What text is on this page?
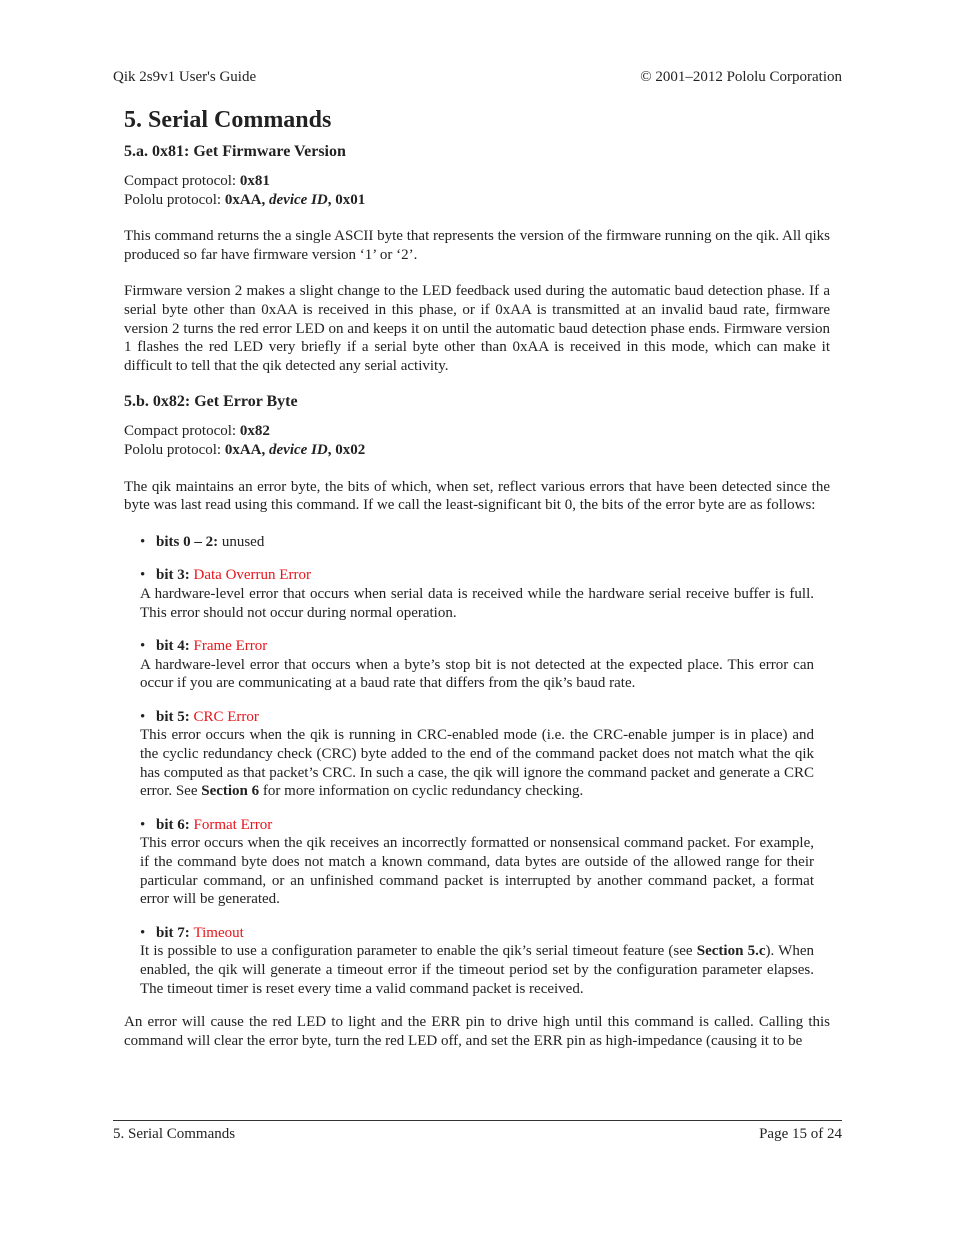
Qik 2s9v1 User's Guide	© 2001–2012 Pololu Corporation
5. Serial Commands
5.a. 0x81: Get Firmware Version

Compact protocol: 0x81

Pololu protocol: 0xAA, device ID, 0x01

This command returns the a single ASCII byte that represents the version of the firmware running on the qik. All qiks produced so far have firmware version ‘1’ or ‘2’.

Firmware version 2 makes a slight change to the LED feedback used during the automatic baud detection phase. If a serial byte other than 0xAA is received in this phase, or if 0xAA is transmitted at an invalid baud rate, firmware version 2 turns the red error LED on and keeps it on until the automatic baud detection phase ends. Firmware version 1 flashes the red LED very briefly if a serial byte other than 0xAA is received in this mode, which can make it difficult to tell that the qik detected any serial activity.

5.b. 0x82: Get Error Byte

Compact protocol: 0x82

Pololu protocol: 0xAA, device ID, 0x02

The qik maintains an error byte, the bits of which, when set, reflect various errors that have been detected since the byte was last read using this command. If we call the least-significant bit 0, the bits of the error byte are as follows:

• bits 0 – 2: unused
• bit 3: Data Overrun Error
A hardware-level error that occurs when serial data is received while the hardware serial receive buffer is full. This error should not occur during normal operation.
• bit 4: Frame Error
A hardware-level error that occurs when a byte’s stop bit is not detected at the expected place. This error can occur if you are communicating at a baud rate that differs from the qik’s baud rate.
• bit 5: CRC Error
This error occurs when the qik is running in CRC-enabled mode (i.e. the CRC-enable jumper is in place) and the cyclic redundancy check (CRC) byte added to the end of the command packet does not match what the qik has computed as that packet’s CRC. In such a case, the qik will ignore the command packet and generate a CRC error. See Section 6 for more information on cyclic redundancy checking.
• bit 6: Format Error
This error occurs when the qik receives an incorrectly formatted or nonsensical command packet. For example, if the command byte does not match a known command, data bytes are outside of the allowed range for their particular command, or an unfinished command packet is interrupted by another command packet, a format error will be generated.
• bit 7: Timeout
It is possible to use a configuration parameter to enable the qik’s serial timeout feature (see Section 5.c). When enabled, the qik will generate a timeout error if the timeout period set by the configuration parameter elapses. The timeout timer is reset every time a valid command packet is received.

An error will cause the red LED to light and the ERR pin to drive high until this command is called. Calling this command will clear the error byte, turn the red LED off, and set the ERR pin as high-impedance (causing it to be

5. Serial Commands	Page 15 of 24
